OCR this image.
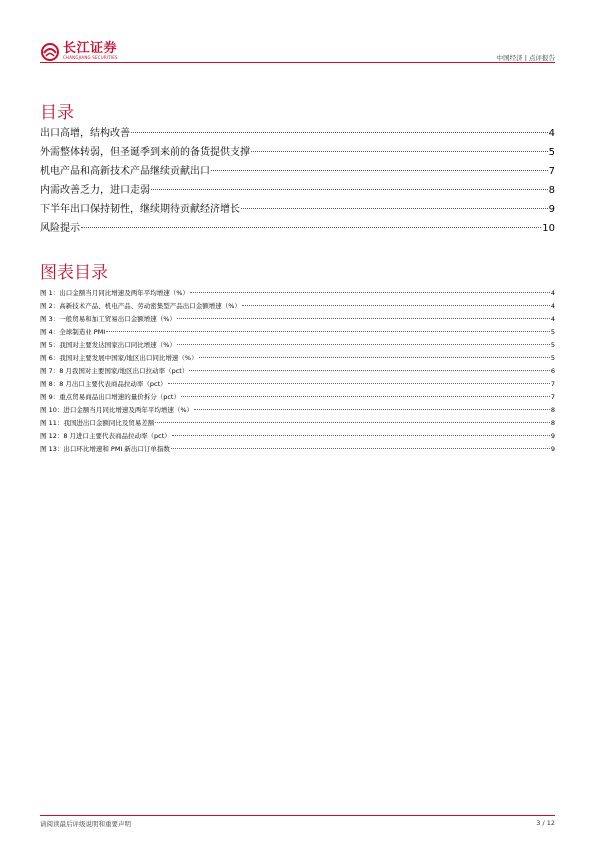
长江证券
CHANGJIANG SECURITIES	中国经济 | 点评报告
目录
出口高增，结构改善	4
外需整体转弱，但圣诞季到来前的备货提供支撑	5
机电产品和高新技术产品继续贡献出口	7
内需改善乏力，进口走弱	8
下半年出口保持韧性，继续期待贡献经济增长	9
风险提示	10
图表目录
图 1：出口金额当月同比增速及两年平均增速（%）	4
图 2：高新技术产品、机电产品、劳动密集型产品出口金额增速（%）	4
图 3：一般贸易和加工贸易出口金额增速（%）	4
图 4：全球制造业 PMI	5
图 5：我国对主要发达国家出口同比增速（%）	5
图 6：我国对主要发展中国家/地区出口同比增速（%）	5
图 7：8 月我国对主要国家/地区出口拉动率（pct）	6
图 8：8 月出口主要代表商品拉动率（pct）	7
图 9：重点贸易商品出口增速的量价拆分（pct）	7
图 10：进口金额当月同比增速及两年平均增速（%）	8
图 11：我国进出口金额同比及贸易差额	8
图 12：8 月进口主要代表商品拉动率（pct）	9
图 13：出口环比增速和 PMI 新出口订单指数	9
请阅读最后评级说明和重要声明	3 / 12
